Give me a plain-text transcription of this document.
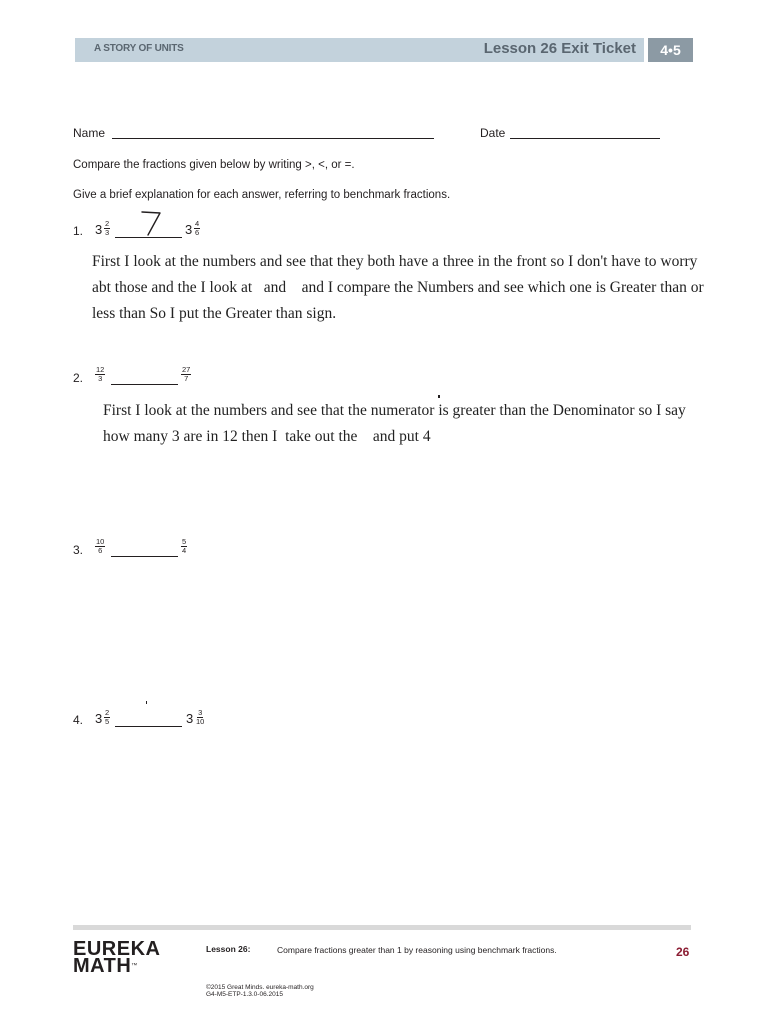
A STORY OF UNITS	Lesson 26 Exit Ticket	4•5
Name	Date
Compare the fractions given below by writing >, <, or =.
Give a brief explanation for each answer, referring to benchmark fractions.
1. $3 \frac{2}{3}$	$3 \frac{4}{6}$
First I look at the numbers and see that they both have a three in the front so I don't have to worry
abt those and the I look at   and    and I compare the Numbers and see which one is Greater than or
less than So I put the Greater than sign.
2. $\frac{12}{3}$	$\frac{27}{7}$
First I look at the numbers and see that the numerator is greater than the Denominator so I say
how many 3 are in 12 then I  take out the    and put 4
3. $\frac{10}{6}$	$\frac{5}{4}$
4. $3 \frac{2}{5}$	$3 \frac{3}{10}$
EUREKA
MATH™
Lesson 26:	Compare fractions greater than 1 by reasoning using benchmark fractions.	26
©2015 Great Minds. eureka-math.org
G4-M5-ETP-1.3.0-06.2015
